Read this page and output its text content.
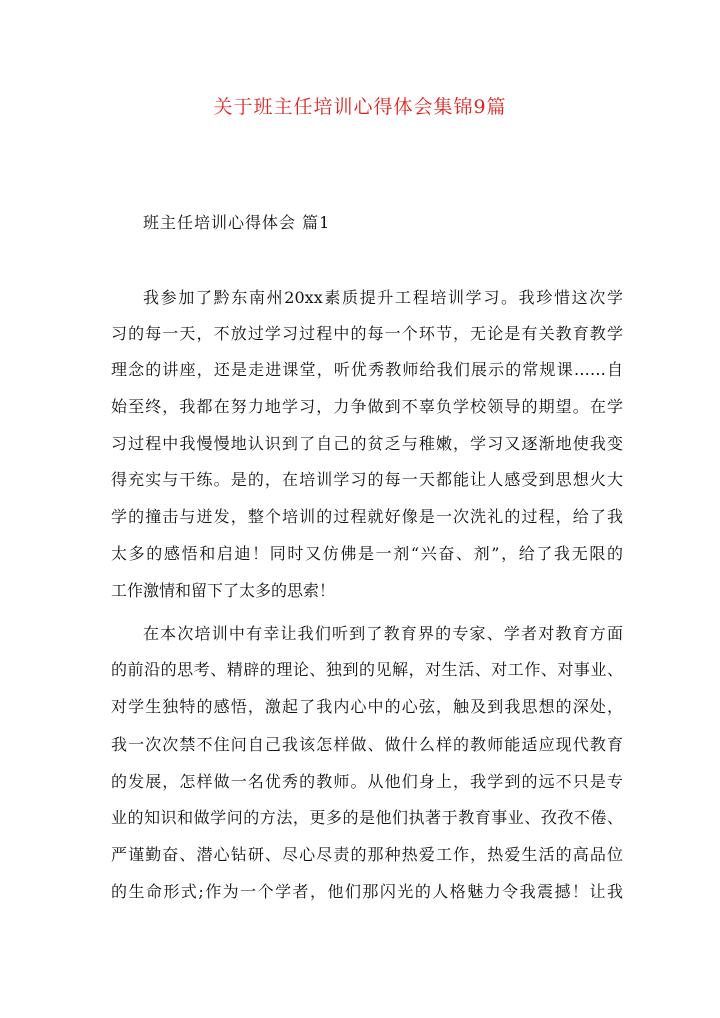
关于班主任培训心得体会集锦9篇
班主任培训心得体会 篇1
我参加了黔东南州20xx素质提升工程培训学习。我珍惜这次学
习的每一天，不放过学习过程中的每一个环节，无论是有关教育教学
理念的讲座，还是走进课堂，听优秀教师给我们展示的常规课……自
始至终，我都在努力地学习，力争做到不辜负学校领导的期望。在学
习过程中我慢慢地认识到了自己的贫乏与稚嫩，学习又逐渐地使我变
得充实与干练。是的，在培训学习的每一天都能让人感受到思想火大
学的撞击与迸发，整个培训的过程就好像是一次洗礼的过程，给了我
太多的感悟和启迪！同时又仿佛是一剂“兴奋、剂”，给了我无限的
工作激情和留下了太多的思索！
在本次培训中有幸让我们听到了教育界的专家、学者对教育方面
的前沿的思考、精辟的理论、独到的见解，对生活、对工作、对事业、
对学生独特的感悟，激起了我内心中的心弦，触及到我思想的深处，
我一次次禁不住问自己我该怎样做、做什么样的教师能适应现代教育
的发展，怎样做一名优秀的教师。从他们身上，我学到的远不只是专
业的知识和做学问的方法，更多的是他们执著于教育事业、孜孜不倦、
严谨勤奋、潜心钻研、尽心尽责的那种热爱工作，热爱生活的高品位
的生命形式;作为一个学者，他们那闪光的人格魅力令我震撼！让我
